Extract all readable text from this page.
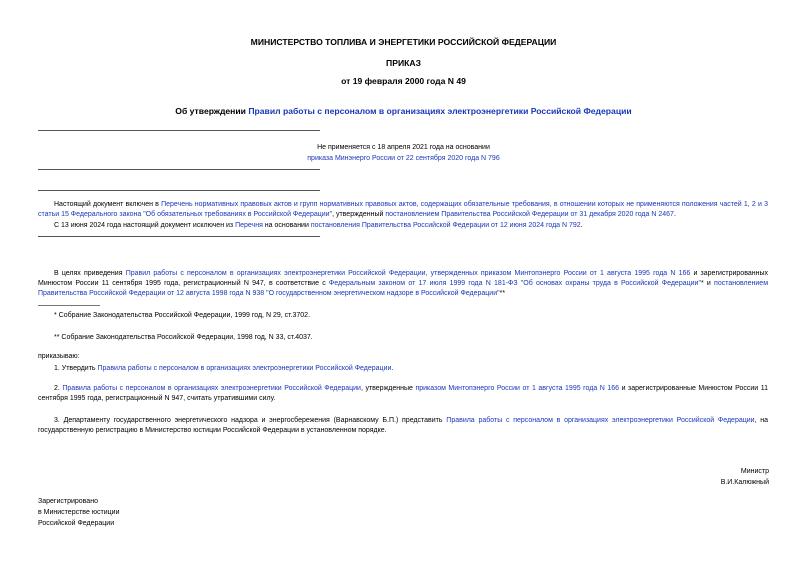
МИНИСТЕРСТВО ТОПЛИВА И ЭНЕРГЕТИКИ РОССИЙСКОЙ ФЕДЕРАЦИИ
ПРИКАЗ
от 19 февраля 2000 года N 49
Об утверждении Правил работы с персоналом в организациях электроэнергетики Российской Федерации
Не применяется с 18 апреля 2021 года на основании
приказа Минэнерго России от 22 сентября 2020 года N 796
Настоящий документ включен в Перечень нормативных правовых актов и групп нормативных правовых актов, содержащих обязательные требования, в отношении которых не применяются положения частей 1, 2 и 3 статьи 15 Федерального закона "Об обязательных требованиях в Российской Федерации", утвержденный постановлением Правительства Российской Федерации от 31 декабря 2020 года N 2467.
С 13 июня 2024 года настоящий документ исключен из Перечня на основании постановления Правительства Российской Федерации от 12 июня 2024 года N 792.
В целях приведения Правил работы с персоналом в организациях электроэнергетики Российской Федерации, утвержденных приказом Минтопэнерго России от 1 августа 1995 года N 166 и зарегистрированных Минюстом России 11 сентября 1995 года, регистрационный N 947, в соответствие с Федеральным законом от 17 июля 1999 года N 181-ФЗ "Об основах охраны труда в Российской Федерации"* и постановлением Правительства Российской Федерации от 12 августа 1998 года N 938 "О государственном энергетическом надзоре в Российской Федерации"**
* Собрание Законодательства Российской Федерации, 1999 год, N 29, ст.3702.
** Собрание Законодательства Российской Федерации, 1998 год, N 33, ст.4037.
приказываю:
1. Утвердить Правила работы с персоналом в организациях электроэнергетики Российской Федерации.
2. Правила работы с персоналом в организациях электроэнергетики Российской Федерации, утвержденные приказом Минтопэнерго России от 1 августа 1995 года N 166 и зарегистрированные Минюстом России 11 сентября 1995 года, регистрационный N 947, считать утратившими силу.
3. Департаменту государственного энергетического надзора и энергосбережения (Варнавскому Б.П.) представить Правила работы с персоналом в организациях электроэнергетики Российской Федерации, на государственную регистрацию в Министерство юстиции Российской Федерации в установленном порядке.
Министр
В.И.Калюжный
Зарегистрировано
в Министерстве юстиции
Российской Федерации
